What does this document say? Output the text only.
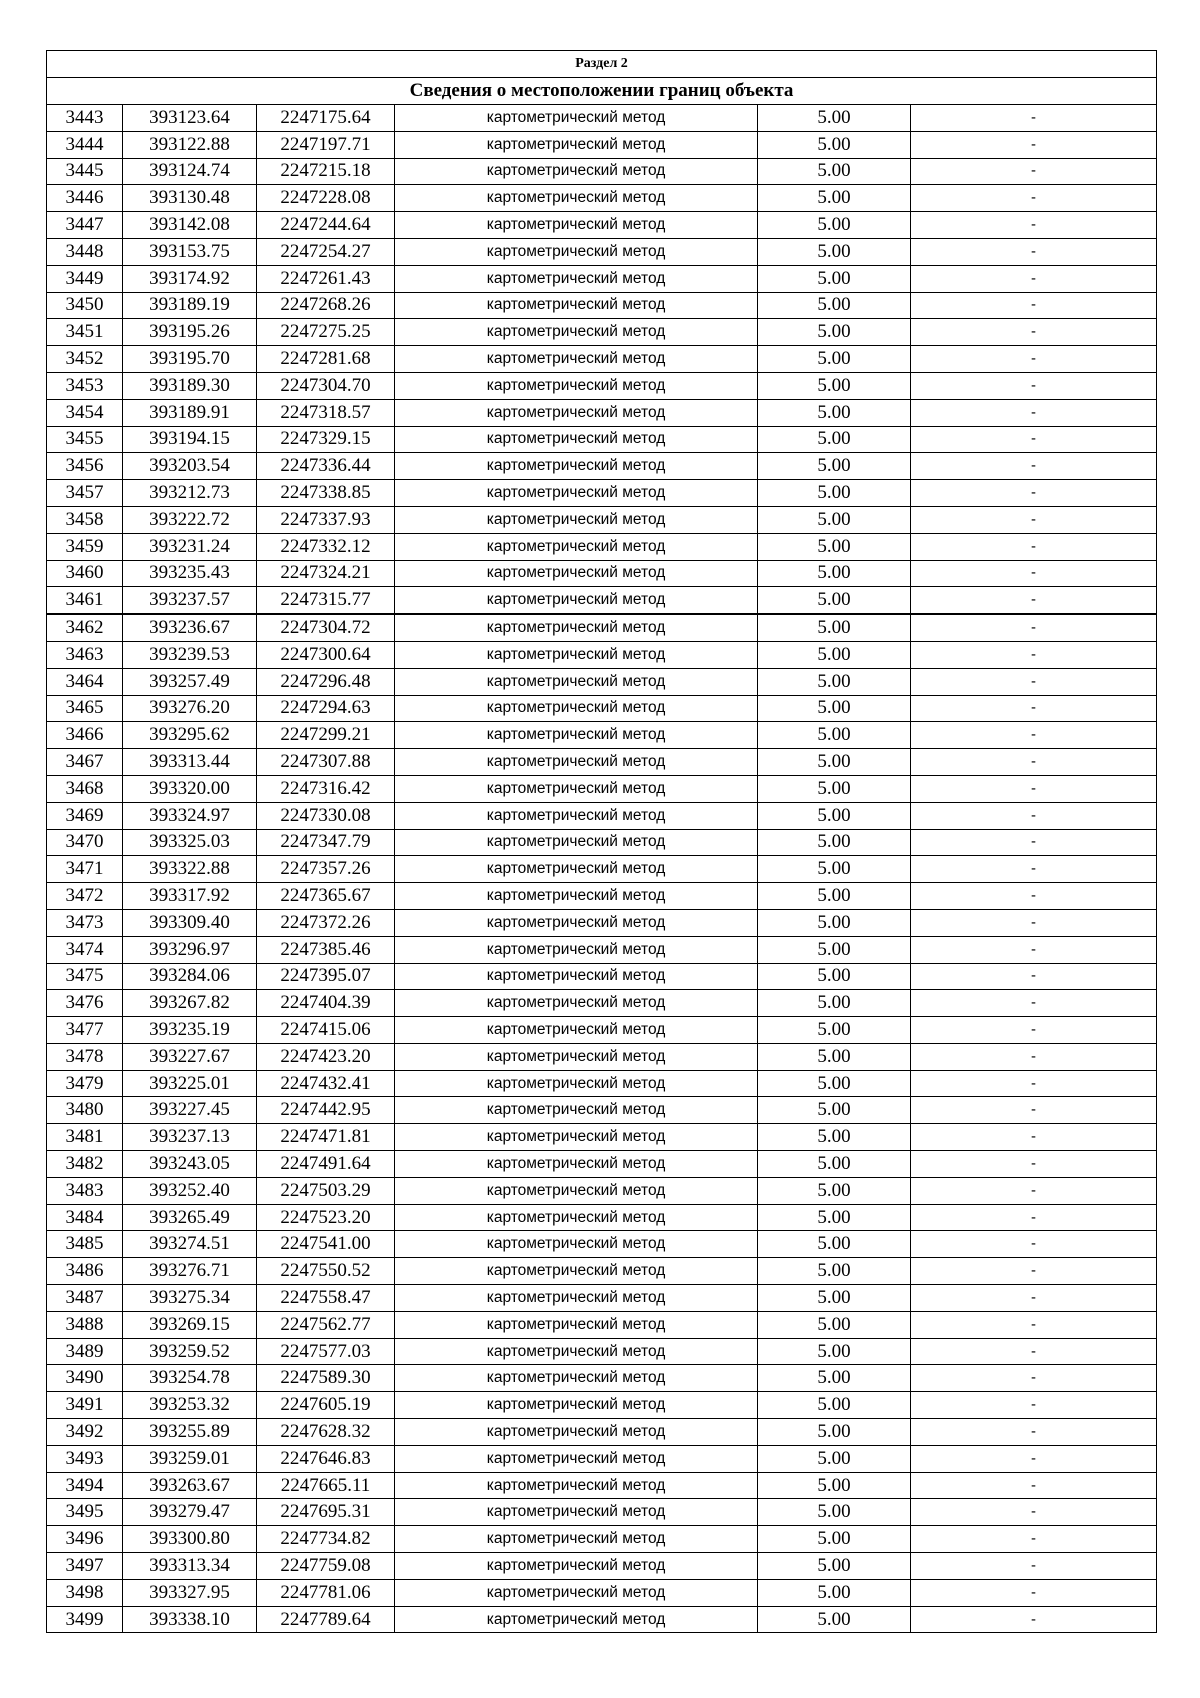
Раздел 2					
Сведения о местоположении границ объекта					
3443	393123.64	2247175.64	картометрический метод	5.00	-
3444	393122.88	2247197.71	картометрический метод	5.00	-
3445	393124.74	2247215.18	картометрический метод	5.00	-
3446	393130.48	2247228.08	картометрический метод	5.00	-
3447	393142.08	2247244.64	картометрический метод	5.00	-
3448	393153.75	2247254.27	картометрический метод	5.00	-
3449	393174.92	2247261.43	картометрический метод	5.00	-
3450	393189.19	2247268.26	картометрический метод	5.00	-
3451	393195.26	2247275.25	картометрический метод	5.00	-
3452	393195.70	2247281.68	картометрический метод	5.00	-
3453	393189.30	2247304.70	картометрический метод	5.00	-
3454	393189.91	2247318.57	картометрический метод	5.00	-
3455	393194.15	2247329.15	картометрический метод	5.00	-
3456	393203.54	2247336.44	картометрический метод	5.00	-
3457	393212.73	2247338.85	картометрический метод	5.00	-
3458	393222.72	2247337.93	картометрический метод	5.00	-
3459	393231.24	2247332.12	картометрический метод	5.00	-
3460	393235.43	2247324.21	картометрический метод	5.00	-
3461	393237.57	2247315.77	картометрический метод	5.00	-
3462	393236.67	2247304.72	картометрический метод	5.00	-
3463	393239.53	2247300.64	картометрический метод	5.00	-
3464	393257.49	2247296.48	картометрический метод	5.00	-
3465	393276.20	2247294.63	картометрический метод	5.00	-
3466	393295.62	2247299.21	картометрический метод	5.00	-
3467	393313.44	2247307.88	картометрический метод	5.00	-
3468	393320.00	2247316.42	картометрический метод	5.00	-
3469	393324.97	2247330.08	картометрический метод	5.00	-
3470	393325.03	2247347.79	картометрический метод	5.00	-
3471	393322.88	2247357.26	картометрический метод	5.00	-
3472	393317.92	2247365.67	картометрический метод	5.00	-
3473	393309.40	2247372.26	картометрический метод	5.00	-
3474	393296.97	2247385.46	картометрический метод	5.00	-
3475	393284.06	2247395.07	картометрический метод	5.00	-
3476	393267.82	2247404.39	картометрический метод	5.00	-
3477	393235.19	2247415.06	картометрический метод	5.00	-
3478	393227.67	2247423.20	картометрический метод	5.00	-
3479	393225.01	2247432.41	картометрический метод	5.00	-
3480	393227.45	2247442.95	картометрический метод	5.00	-
3481	393237.13	2247471.81	картометрический метод	5.00	-
3482	393243.05	2247491.64	картометрический метод	5.00	-
3483	393252.40	2247503.29	картометрический метод	5.00	-
3484	393265.49	2247523.20	картометрический метод	5.00	-
3485	393274.51	2247541.00	картометрический метод	5.00	-
3486	393276.71	2247550.52	картометрический метод	5.00	-
3487	393275.34	2247558.47	картометрический метод	5.00	-
3488	393269.15	2247562.77	картометрический метод	5.00	-
3489	393259.52	2247577.03	картометрический метод	5.00	-
3490	393254.78	2247589.30	картометрический метод	5.00	-
3491	393253.32	2247605.19	картометрический метод	5.00	-
3492	393255.89	2247628.32	картометрический метод	5.00	-
3493	393259.01	2247646.83	картометрический метод	5.00	-
3494	393263.67	2247665.11	картометрический метод	5.00	-
3495	393279.47	2247695.31	картометрический метод	5.00	-
3496	393300.80	2247734.82	картометрический метод	5.00	-
3497	393313.34	2247759.08	картометрический метод	5.00	-
3498	393327.95	2247781.06	картометрический метод	5.00	-
3499	393338.10	2247789.64	картометрический метод	5.00	-
